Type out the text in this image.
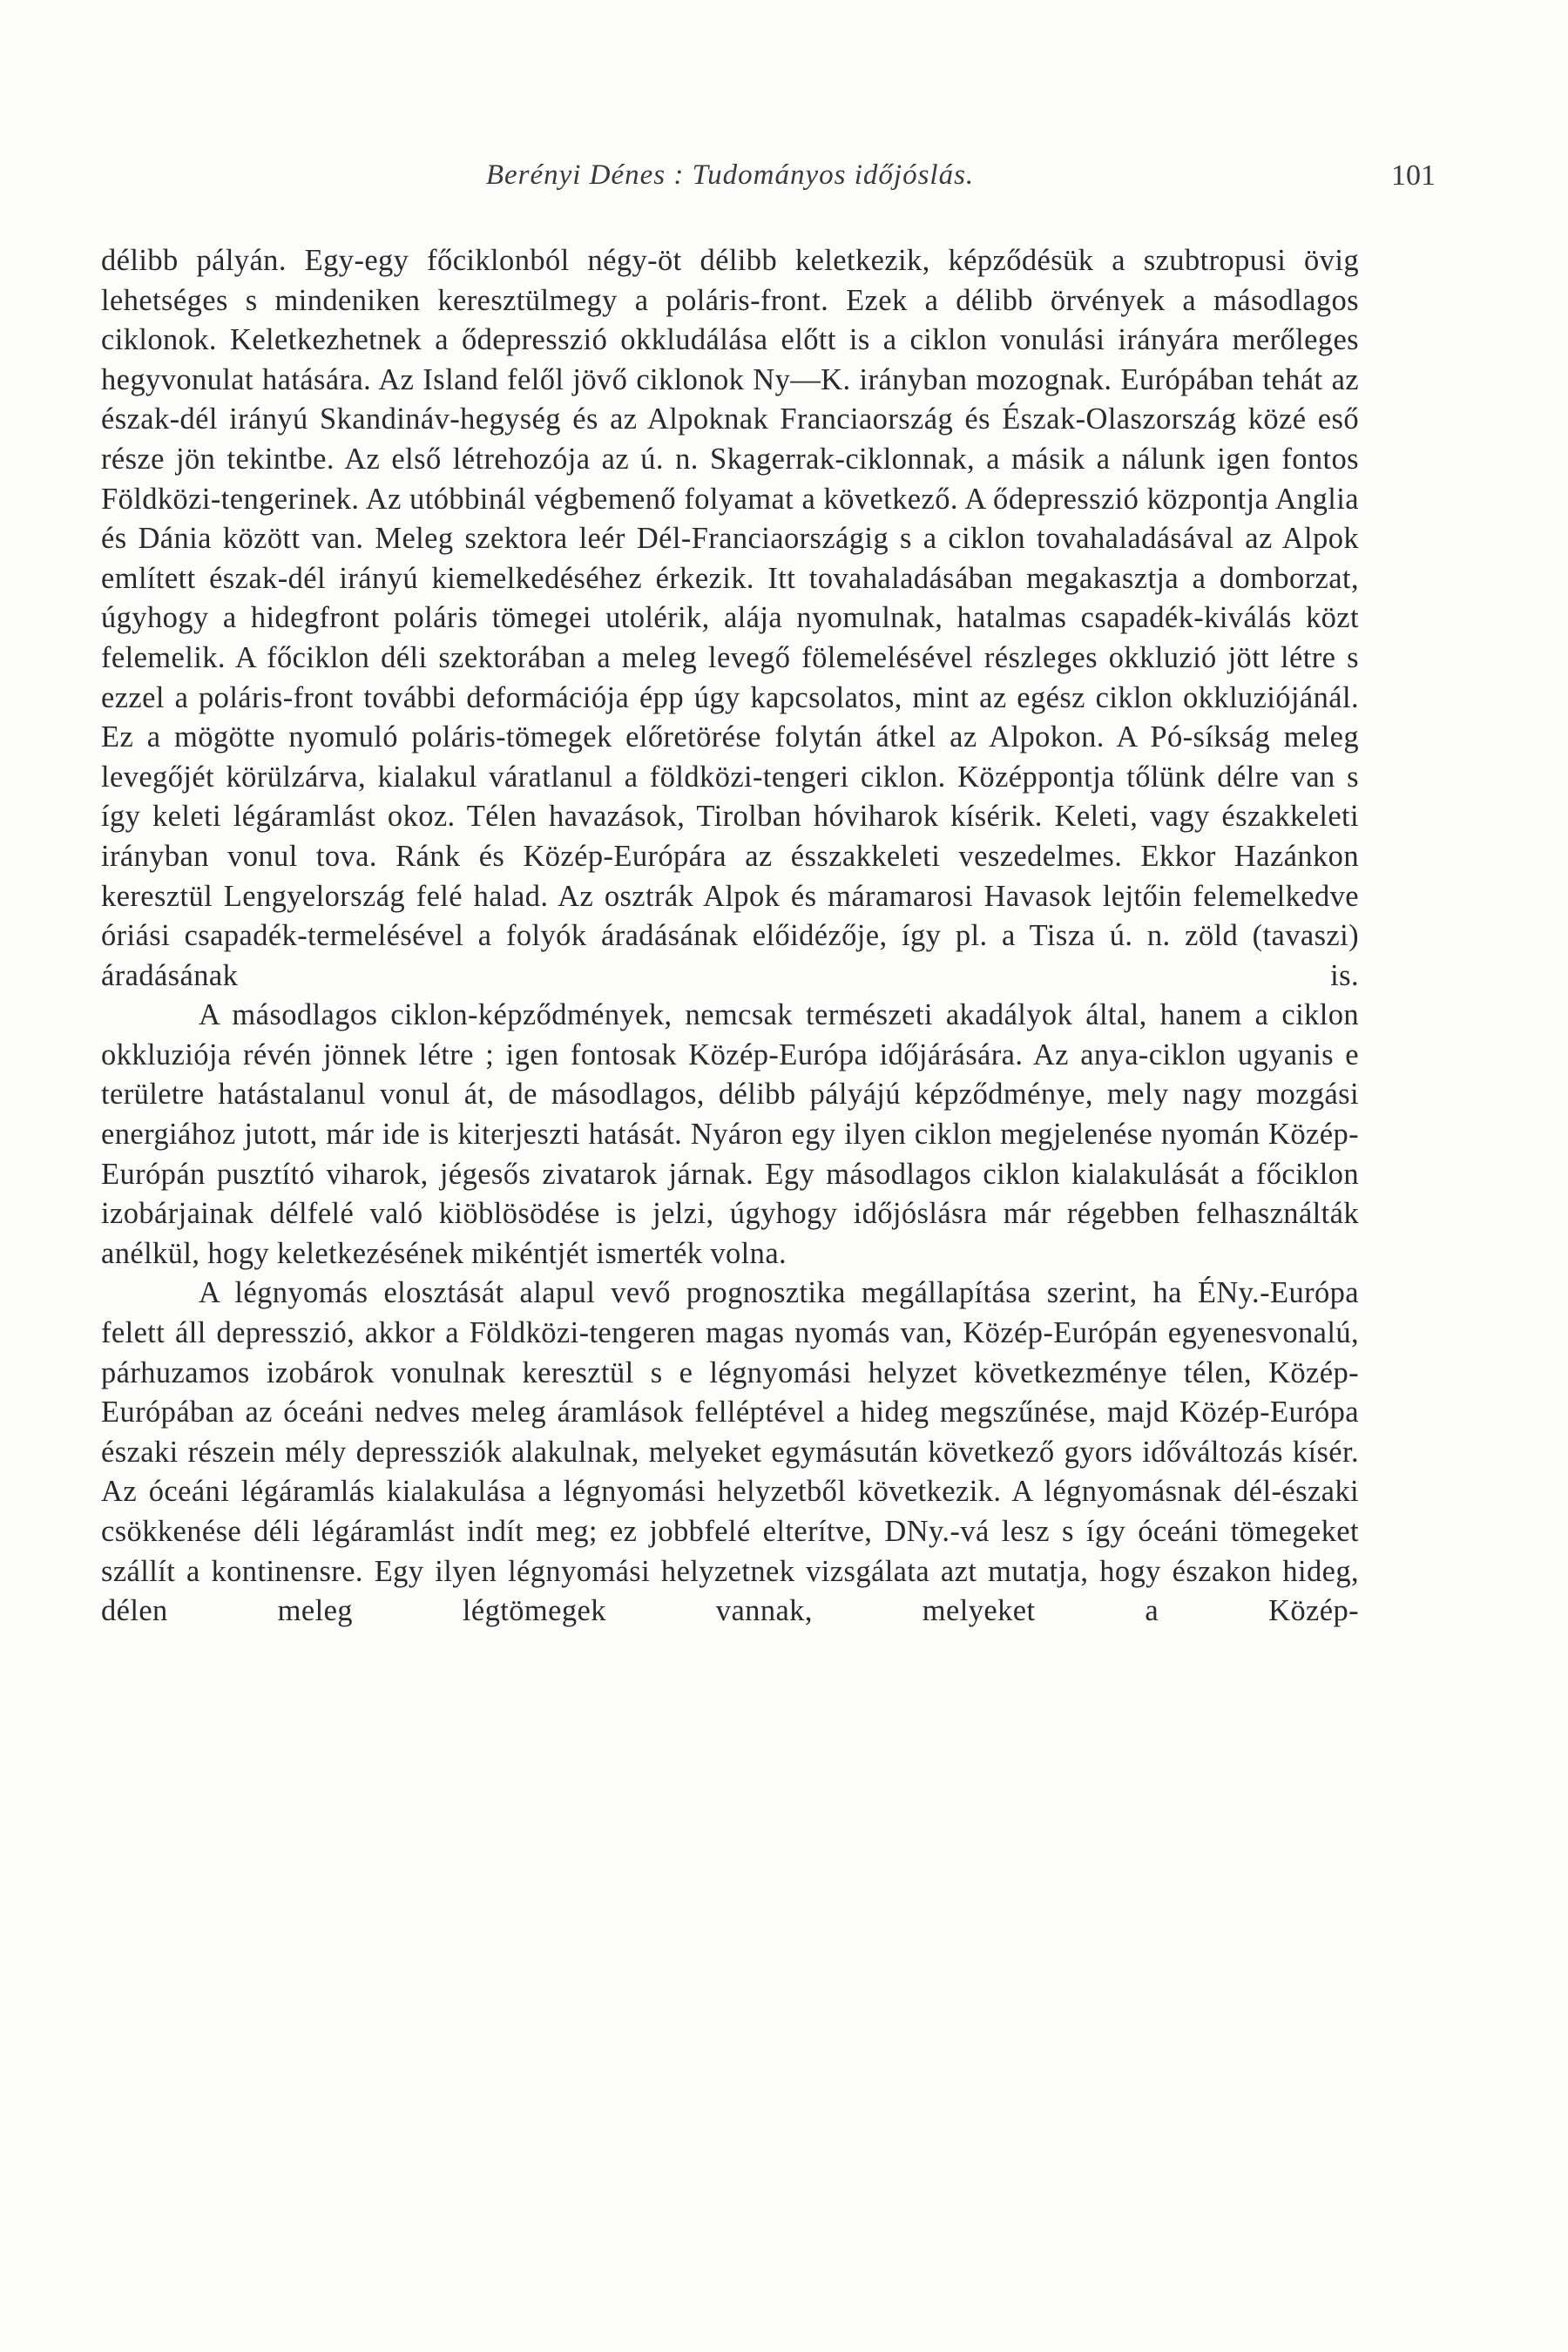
Berényi Dénes : Tudományos időjóslás.	101

délibb pályán. Egy-egy főciklonból négy-öt délibb keletkezik, képződésük a szubtropusi övig lehetséges s mindeniken keresztülmegy a poláris-front. Ezek a délibb örvények a másodlagos ciklonok. Keletkezhetnek a ődepresszió okkludálása előtt is a ciklon vonulási irányára merőleges hegyvonulat hatására. Az Island felől jövő ciklonok Ny—K. irányban mozognak. Európában tehát az észak-dél irányú Skandináv-hegység és az Alpoknak Franciaország és Észak-Olaszország közé eső része jön tekintbe. Az első létrehozója az ú. n. Skagerrak-ciklonnak, a másik a nálunk igen fontos Földközi-tengerinek. Az utóbbinál végbemenő folyamat a következő. A ődepresszió központja Anglia és Dánia között van. Meleg szektora leér Dél-Franciaországig s a ciklon tovahaladásával az Alpok említett észak-dél irányú kiemelkedéséhez érkezik. Itt tovahaladásában megakasztja a domborzat, úgyhogy a hidegfront poláris tömegei utolérik, alája nyomulnak, hatalmas csapadék-kiválás közt felemelik. A főciklon déli szektorában a meleg levegő fölemelésével részleges okkluzió jött létre s ezzel a poláris-front további deformációja épp úgy kapcsolatos, mint az egész ciklon okkluziójánál. Ez a mögötte nyomuló poláris-tömegek előretörése folytán átkel az Alpokon. A Pó-síkság meleg levegőjét körülzárva, kialakul váratlanul a földközi-tengeri ciklon. Középpontja tőlünk délre van s így keleti légáramlást okoz. Télen havazások, Tirolban hóviharok kísérik. Keleti, vagy északkeleti irányban vonul tova. Ránk és Közép-Európára az ésszakkeleti veszedelmes. Ekkor Hazánkon keresztül Lengyelország felé halad. Az osztrák Alpok és máramarosi Havasok lejtőin felemelkedve óriási csapadék-termelésével a folyók áradásának előidézője, így pl. a Tisza ú. n. zöld (tavaszi) áradásának is.

A másodlagos ciklon-képződmények, nemcsak természeti akadályok által, hanem a ciklon okkluziója révén jönnek létre ; igen fontosak Közép-Európa időjárására. Az anya-ciklon ugyanis e területre hatástalanul vonul át, de másodlagos, délibb pályájú képződménye, mely nagy mozgási energiához jutott, már ide is kiterjeszti hatását. Nyáron egy ilyen ciklon megjelenése nyomán Közép-Európán pusztító viharok, jégesős zivatarok járnak. Egy másodlagos ciklon kialakulását a főciklon izobárjainak délfelé való kiöblösödése is jelzi, úgyhogy időjóslásra már régebben felhasználták anélkül, hogy keletkezésének mikéntjét ismerték volna.

A légnyomás elosztását alapul vevő prognosztika megállapítása szerint, ha ÉNy.-Európa felett áll depresszió, akkor a Földközi-tengeren magas nyomás van, Közép-Európán egyenesvonalú, párhuzamos izobárok vonulnak keresztül s e légnyomási helyzet következménye télen, Közép-Európában az óceáni nedves meleg áramlások felléptével a hideg megszűnése, majd Közép-Európa északi részein mély depressziók alakulnak, melyeket egymásután következő gyors időváltozás kísér. Az óceáni légáramlás kialakulása a légnyomási helyzetből következik. A légnyomásnak dél-északi csökkenése déli légáramlást indít meg; ez jobbfelé elterítve, DNy.-vá lesz s így óceáni tömegeket szállít a kontinensre. Egy ilyen légnyomási helyzetnek vizsgálata azt mutatja, hogy északon hideg, délen meleg légtömegek vannak, melyeket a Közép-
